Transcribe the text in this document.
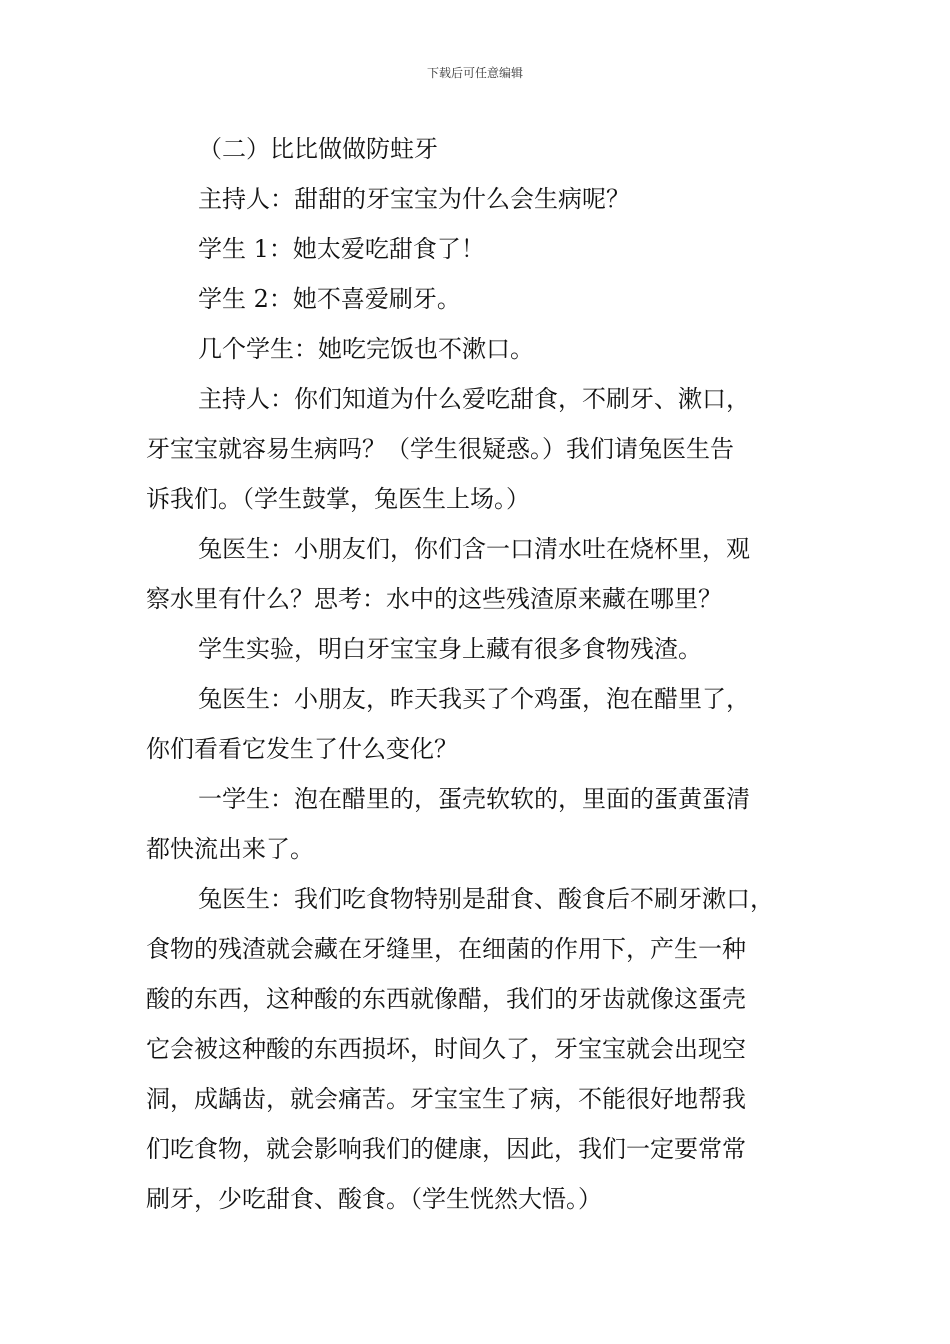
下载后可任意编辑
（二）比比做做防蛀牙
主持人：甜甜的牙宝宝为什么会生病呢？
学生 1：她太爱吃甜食了！
学生 2：她不喜爱刷牙。
几个学生：她吃完饭也不漱口。
主持人：你们知道为什么爱吃甜食，不刷牙、漱口，
牙宝宝就容易生病吗？（学生很疑惑。）我们请兔医生告
诉我们。（学生鼓掌，兔医生上场。）
兔医生：小朋友们，你们含一口清水吐在烧杯里，观
察水里有什么？思考：水中的这些残渣原来藏在哪里？
学生实验，明白牙宝宝身上藏有很多食物残渣。
兔医生：小朋友，昨天我买了个鸡蛋，泡在醋里了，
你们看看它发生了什么变化？
一学生：泡在醋里的，蛋壳软软的，里面的蛋黄蛋清
都快流出来了。
兔医生：我们吃食物特别是甜食、酸食后不刷牙漱口，
食物的残渣就会藏在牙缝里，在细菌的作用下，产生一种
酸的东西，这种酸的东西就像醋，我们的牙齿就像这蛋壳
它会被这种酸的东西损坏，时间久了，牙宝宝就会出现空
洞，成龋齿，就会痛苦。牙宝宝生了病，不能很好地帮我
们吃食物，就会影响我们的健康，因此，我们一定要常常
刷牙，少吃甜食、酸食。（学生恍然大悟。）
